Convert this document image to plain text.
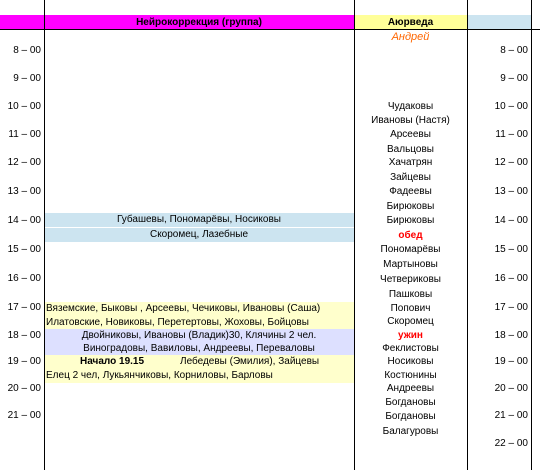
Нейрокоррекция (группа)	Аюрведа
Андрей
Губашевы, Пономарёвы, Носиковы
Скоромец, Лазебные
Вяземские, Быковы , Арсеевы, Чечиковы, Ивановы (Саша)
Илатовские, Новиковы, Перетертовы, Жоховы, Бойцовы
Двойниковы, Ивановы (Владик)30, Клячины 2 чел.
Виноградовы, Вавиловы, Андреевы, Переваловы
Начало 19.15	Лебедевы (Эмилия), Зайцевы
Елец 2 чел, Лукьянчиковы, Корниловы, Барловы
8 – 00
9 – 00
10 – 00
11 – 00
12 – 00
13 – 00
14 – 00
15 – 00
16 – 00
17 – 00
18 – 00
19 – 00
20 – 00
21 – 00
Чудаковы
Ивановы (Настя)
Арсеевы
Вальцовы
Хачатрян
Зайцевы
Фадеевы
Бирюковы
Бирюковы
обед
Пономарёвы
Мартыновы
Четвериковы
Пашковы
Попович
Скоромец
ужин
Феклистовы
Носиковы
Костюнины
Андреевы
Богдановы
Богдановы
Балагуровы
8 – 00
9 – 00
10 – 00
11 – 00
12 – 00
13 – 00
14 – 00
15 – 00
16 – 00
17 – 00
18 – 00
19 – 00
20 – 00
21 – 00
22 – 00
